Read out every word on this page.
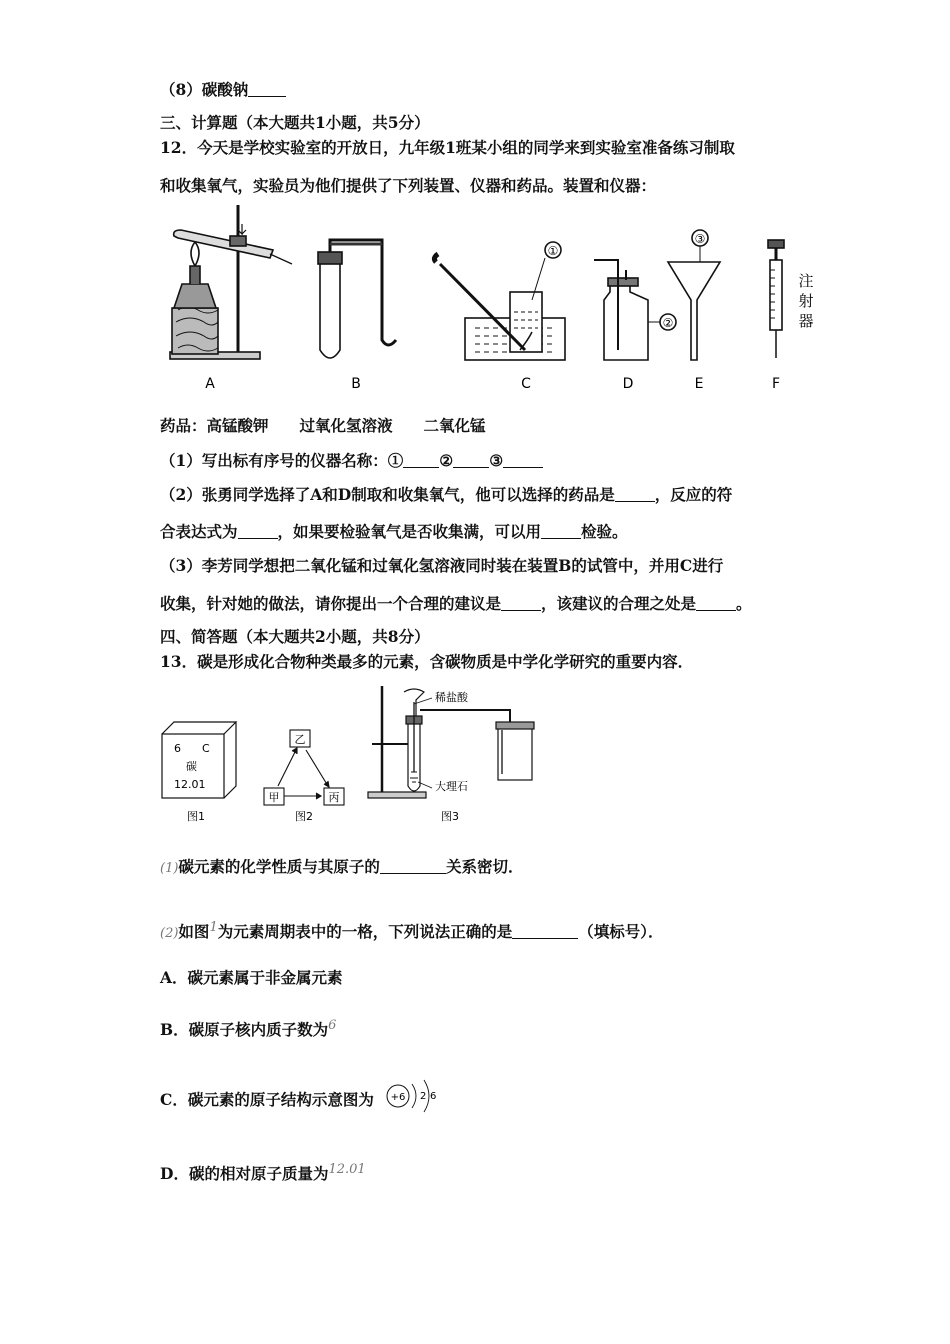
（8）碳酸钠
三、计算题（本大题共1小题，共5分）
12．今天是学校实验室的开放日，九年级1班某小组的同学来到实验室准备练习制取
和收集氧气，实验员为他们提供了下列装置、仪器和药品。装置和仪器：
A	B
①
C
②
D
③
E
注
射
器
F
药品：高锰酸钾　　过氧化氢溶液　　二氧化锰
（1）写出标有序号的仪器名称：① ② ③
（2）张勇同学选择了A和D制取和收集氧气，他可以选择的药品是	，反应的符
合表达式为	，如果要检验氧气是否收集满，可以用	检验。
（3）李芳同学想把二氧化锰和过氧化氢溶液同时装在装置B的试管中，并用C进行
收集，针对她的做法，请你提出一个合理的建议是	，该建议的合理之处是	。
四、简答题（本大题共2小题，共8分）
13．碳是形成化合物种类最多的元素，含碳物质是中学化学研究的重要内容．
6 C
碳
12.01
图1
乙
甲	丙
图2
稀盐酸
大理石
图3
(1)碳元素的化学性质与其原子的	关系密切．
(2)如图$^1$为元素周期表中的一格，下列说法正确的是	（填标号）．
A．碳元素属于非金属元素
B．碳原子核内质子数为$^6$
C．碳元素的原子结构示意图为 +6 2 6
D．碳的相对原子质量为$^{12.01}$
